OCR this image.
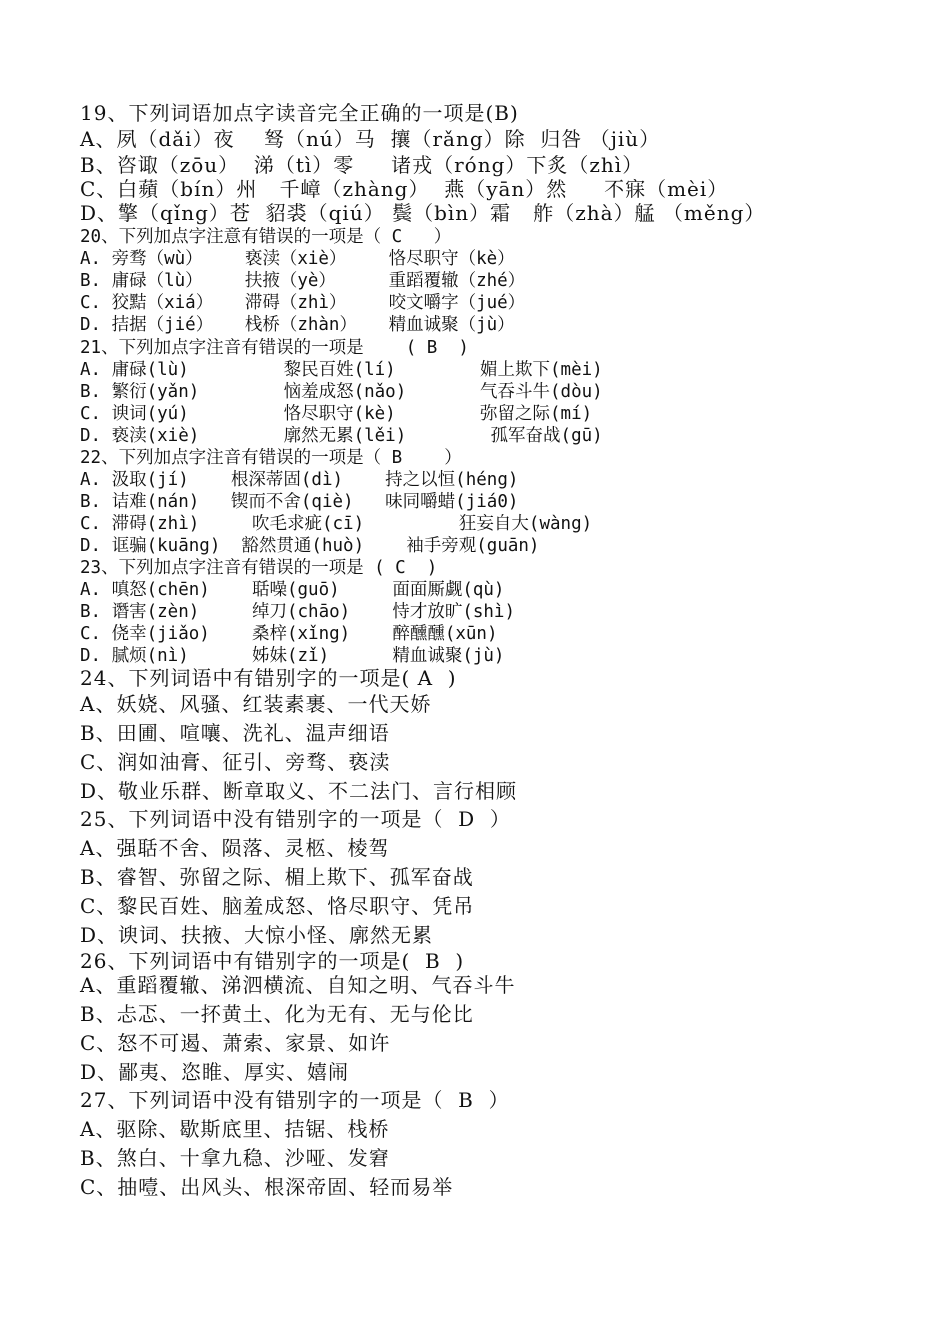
19、下列词语加点字读音完全正确的一项是(B)
A、夙（dǎi）夜    驽（nú）马  攘（rǎng）除  归咎 （jiù）
B、咨诹（zōu）  涕（tì）零     诸戎（róng）下炙（zhì）
C、白蘋（bín）州   千嶂（zhàng）  燕（yān）然     不寐（mèi）
D、擎（qǐng）苍  貂裘（qiú） 鬓（bìn）霜   舴（zhà）艋 （měng）
20、下列加点字注意有错误的一项是（ C   ）
A. 旁骛（wù）    亵渎（xiè）    恪尽职守（kè）
B. 庸碌（lù）    扶掖（yè）     重蹈覆辙（zhé）
C. 狡黠（xiá）   滞碍（zhì）    咬文嚼字（jué）
D. 拮据（jié）   栈桥（zhàn）   精血诚聚（jù）
21、下列加点字注音有错误的一项是    ( B  )
A. 庸碌(lù)         黎民百姓(lí)        媚上欺下(mèi)
B. 繁衍(yǎn)        恼羞成怒(nǎo)       气吞斗牛(dòu)
C. 谀词(yú)         恪尽职守(kè)        弥留之际(mí)
D. 亵渎(xiè)        廓然无累(lěi)        孤军奋战(gū)
22、下列加点字注音有错误的一项是（ B    ）
A. 汲取(jí)    根深蒂固(dì)    持之以恒(héng)
B. 诘难(nán)   锲而不舍(qiè)   味同嚼蜡(jiá0)
C. 滞碍(zhì)     吹毛求疵(cī)         狂妄自大(wàng)
D. 诓骗(kuāng)  豁然贯通(huò)    袖手旁观(guān)
23、下列加点字注音有错误的一项是 ( C  )
A. 嗔怒(chēn)    聒噪(guō)     面面厮觑(qù)
B. 谮害(zèn)     绰刀(chāo)    恃才放旷(shì)
C. 侥幸(jiǎo)    桑梓(xǐng)    醉醺醺(xūn)
D. 腻烦(nì)      姊妹(zǐ)      精血诚聚(jù)
24、下列词语中有错别字的一项是( A  )
A、妖娆、风骚、红装素裹、一代天娇
B、田圃、喧嚷、洗礼、温声细语
C、润如油膏、征引、旁骛、亵渎
D、敬业乐群、断章取义、不二法门、言行相顾
25、下列词语中没有错别字的一项是（  D  ）
A、强聒不舍、陨落、灵柩、棱驾
B、睿智、弥留之际、楣上欺下、孤军奋战
C、黎民百姓、脑羞成怒、恪尽职守、凭吊
D、谀词、扶掖、大惊小怪、廓然无累
26、下列词语中有错别字的一项是(  B  )
A、重蹈覆辙、涕泗横流、自知之明、气吞斗牛
B、忐忑、一抔黄土、化为无有、无与伦比
C、怒不可遏、萧索、家景、如许
D、鄙夷、恣睢、厚实、嬉闹
27、下列词语中没有错别字的一项是（  B  ）
A、驱除、歇斯底里、拮锯、栈桥
B、煞白、十拿九稳、沙哑、发窘
C、抽噎、出风头、根深帝固、轻而易举
